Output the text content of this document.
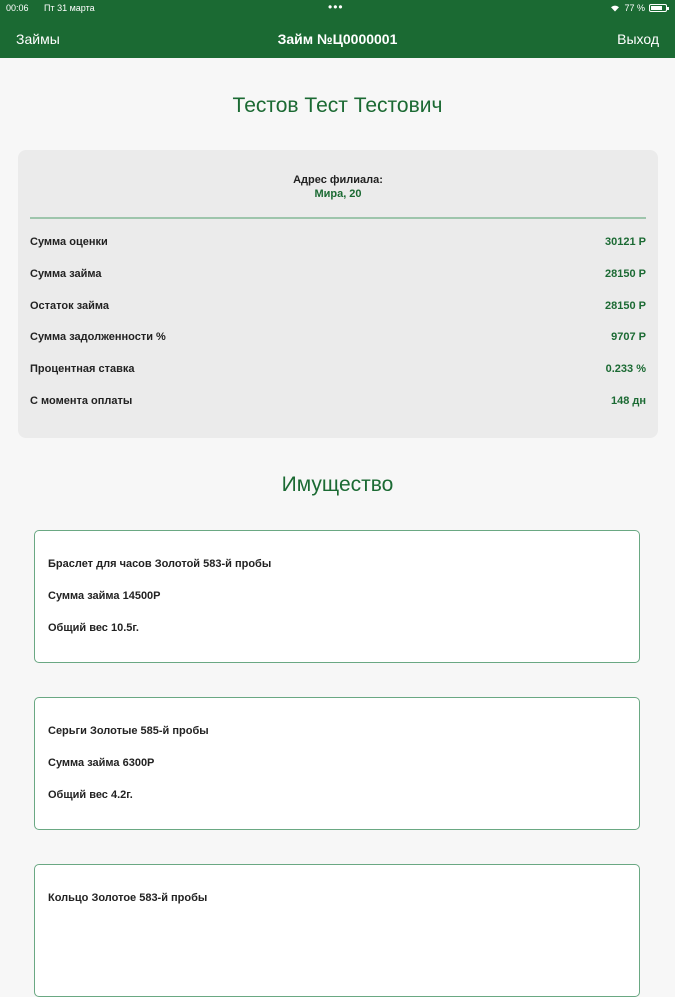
00:06 Пт 31 марта	•••	77 %
Займы	Займ №Ц0000001	Выход
Тестов Тест Тестович
Адрес филиала:
Мира, 20
Сумма оценки	30121 Р
Сумма займа	28150 Р
Остаток займа	28150 Р
Сумма задолженности %	9707 Р
Процентная ставка	0.233 %
С момента оплаты	148 дн
Имущество
Браслет для часов Золотой 583-й пробы
Сумма займа 14500Р
Общий вес 10.5г.
Серьги Золотые 585-й пробы
Сумма займа 6300Р
Общий вес 4.2г.
Кольцо Золотое 583-й пробы
